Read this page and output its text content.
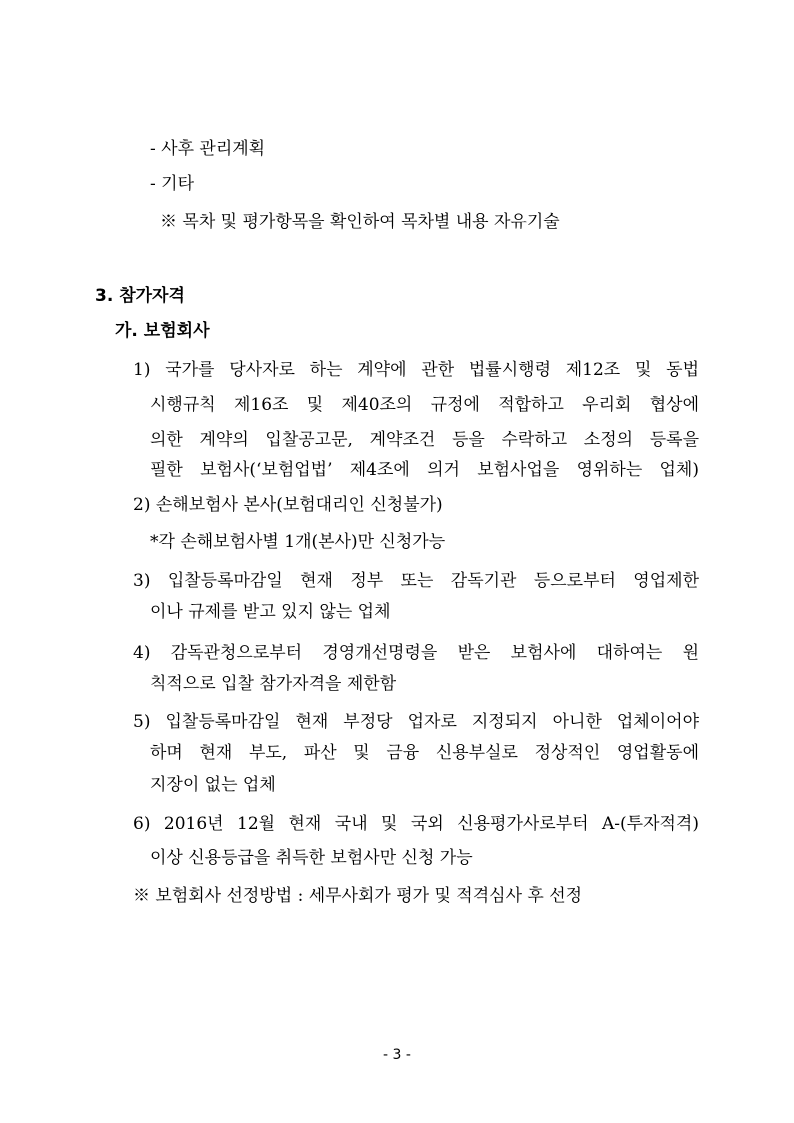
- 사후 관리계획
- 기타
※ 목차 및 평가항목을 확인하여 목차별 내용 자유기술
3. 참가자격
가. 보험회사
1) 국가를 당사자로 하는 계약에 관한 법률시행령 제12조 및 동법
시행규칙 제16조 및 제40조의 규정에 적합하고 우리회 협상에
의한 계약의 입찰공고문, 계약조건 등을 수락하고 소정의 등록을
필한 보험사(‘보험업법’ 제4조에 의거 보험사업을 영위하는 업체)
2) 손해보험사 본사(보험대리인 신청불가)
*각 손해보험사별 1개(본사)만 신청가능
3) 입찰등록마감일 현재 정부 또는 감독기관 등으로부터 영업제한
이나 규제를 받고 있지 않는 업체
4) 감독관청으로부터 경영개선명령을 받은 보험사에 대하여는 원
칙적으로 입찰 참가자격을 제한함
5) 입찰등록마감일 현재 부정당 업자로 지정되지 아니한 업체이어야
하며 현재 부도, 파산 및 금융 신용부실로 정상적인 영업활동에
지장이 없는 업체
6) 2016년 12월 현재 국내 및 국외 신용평가사로부터 A-(투자적격)
이상 신용등급을 취득한 보험사만 신청 가능
※ 보험회사 선정방법 : 세무사회가 평가 및 적격심사 후 선정
- 3 -
